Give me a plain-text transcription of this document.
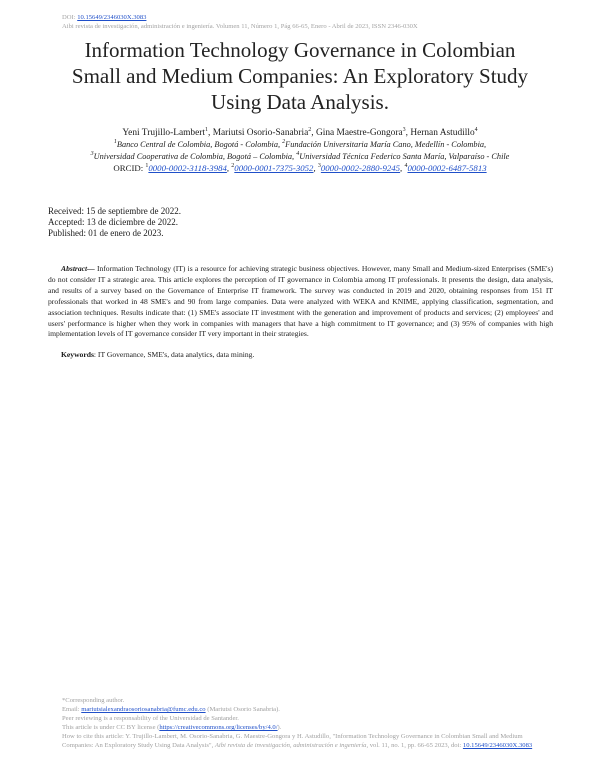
DOI: 10.15649/2346030X.3083
Aibi revista de investigación, administración e ingeniería. Volumen 11, Número 1, Pág 66-65, Enero - Abril de 2023, ISSN 2346-030X
Information Technology Governance in Colombian
Small and Medium Companies: An Exploratory Study
Using Data Analysis.
Yeni Trujillo-Lambert$^1$, Mariutsi Osorio-Sanabria$^2$, Gina Maestre-Gongora$^3$, Hernan Astudillo$^4$
$^1$Banco Central de Colombia, Bogotá - Colombia, $^2$Fundación Universitaria María Cano, Medellín - Colombia,
$^3$Universidad Cooperativa de Colombia, Bogotá – Colombia, $^4$Universidad Técnica Federico Santa María, Valparaíso - Chile
ORCID: $^1$0000-0002-3118-3984, $^2$0000-0001-7375-3052, $^3$0000-0002-2880-9245, $^4$0000-0002-6487-5813
Received: 15 de septiembre de 2022.
Accepted: 13 de diciembre de 2022.
Published: 01 de enero de 2023.

Abstract— Information Technology (IT) is a resource for achieving strategic business objectives. However, many Small and Medium-sized Enterprises (SME's) do not consider IT a strategic area. This article explores the perception of IT governance in Colombia among IT professionals. It presents the design, data analysis, and results of a survey based on the Governance of Enterprise IT framework. The survey was conducted in 2019 and 2020, obtaining responses from 151 IT professionals that worked in 48 SME's and 90 from large companies. Data were analyzed with WEKA and KNIME, applying classification, segmentation, and association techniques. Results indicate that: (1) SME's associate IT investment with the generation and improvement of products and services; (2) employees' and users' performance is higher when they work in companies with managers that have a high commitment to IT governance; and (3) 95% of companies with high implementation levels of IT governance consider IT very important in their strategies.

Keywords: IT Governance, SME's, data analytics, data mining.

*Corresponding author.
Email: mariutsialexandraosoriosanabria@fumc.edu.co (Mariutsi Osorio Sanabria).
Peer reviewing is a responsability of the Universidad de Santander.
This article is under CC BY license (https://creativecommons.org/licenses/by/4.0/).
How to cite this article: Y. Trujillo-Lambert, M. Osorio-Sanabria, G. Maestre-Gongora y H. Astudillo, "Information Technology Governance in Colombian Small and Medium Companies: An Exploratory Study Using Data Analysis", Aibi revista de investigación, administración e ingeniería, vol. 11, no. 1, pp. 66-65 2023, doi: 10.15649/2346030X.3083
